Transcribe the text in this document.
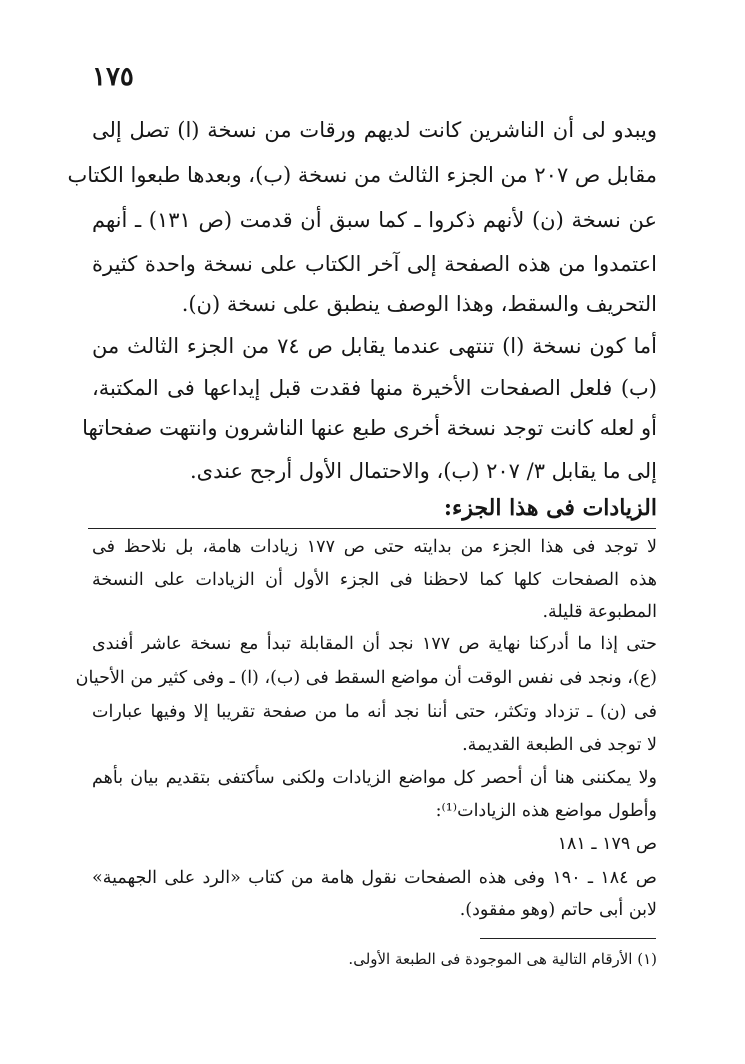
١٧٥
ويبدو لى أن الناشرين كانت لديهم ورقات من نسخة (ا) تصل إلى
مقابل ص ٢٠٧ من الجزء الثالث من نسخة (ب)، وبعدها طبعوا الكتاب
عن نسخة (ن) لأنهم ذكروا ـ كما سبق أن قدمت (ص ١٣١) ـ أنهم
اعتمدوا من هذه الصفحة إلى آخر الكتاب على نسخة واحدة كثيرة
التحريف والسقط، وهذا الوصف ينطبق على نسخة (ن).
أما كون نسخة (ا) تنتهى عندما يقابل ص ٧٤ من الجزء الثالث من
(ب) فلعل الصفحات الأخيرة منها فقدت قبل إيداعها فى المكتبة،
أو لعله كانت توجد نسخة أخرى طبع عنها الناشرون وانتهت صفحاتها
إلى ما يقابل ٣/ ٢٠٧ (ب)، والاحتمال الأول أرجح عندى.
الزيادات فى هذا الجزء:
لا توجد فى هذا الجزء من بدايته حتى ص ١٧٧ زيادات هامة، بل نلاحظ فى
هذه الصفحات كلها كما لاحظنا فى الجزء الأول أن الزيادات على النسخة
المطبوعة قليلة.
حتى إذا ما أدركنا نهاية ص ١٧٧ نجد أن المقابلة تبدأ مع نسخة عاشر أفندى
(ع)، ونجد فى نفس الوقت أن مواضع السقط فى (ب)، (ا) ـ وفى كثير من الأحيان
فى (ن) ـ تزداد وتكثر، حتى أننا نجد أنه ما من صفحة تقريبا إلا وفيها عبارات
لا توجد فى الطبعة القديمة.
ولا يمكننى هنا أن أحصر كل مواضع الزيادات ولكنى سأكتفى بتقديم بيان بأهم
وأطول مواضع هذه الزيادات⁽¹⁾:
ص ١٧٩ ـ ١٨١
ص ١٨٤ ـ ١٩٠ وفى هذه الصفحات نقول هامة من كتاب «الرد على الجهمية»
لابن أبى حاتم (وهو مفقود).
(١) الأرقام التالية هى الموجودة فى الطبعة الأولى.
